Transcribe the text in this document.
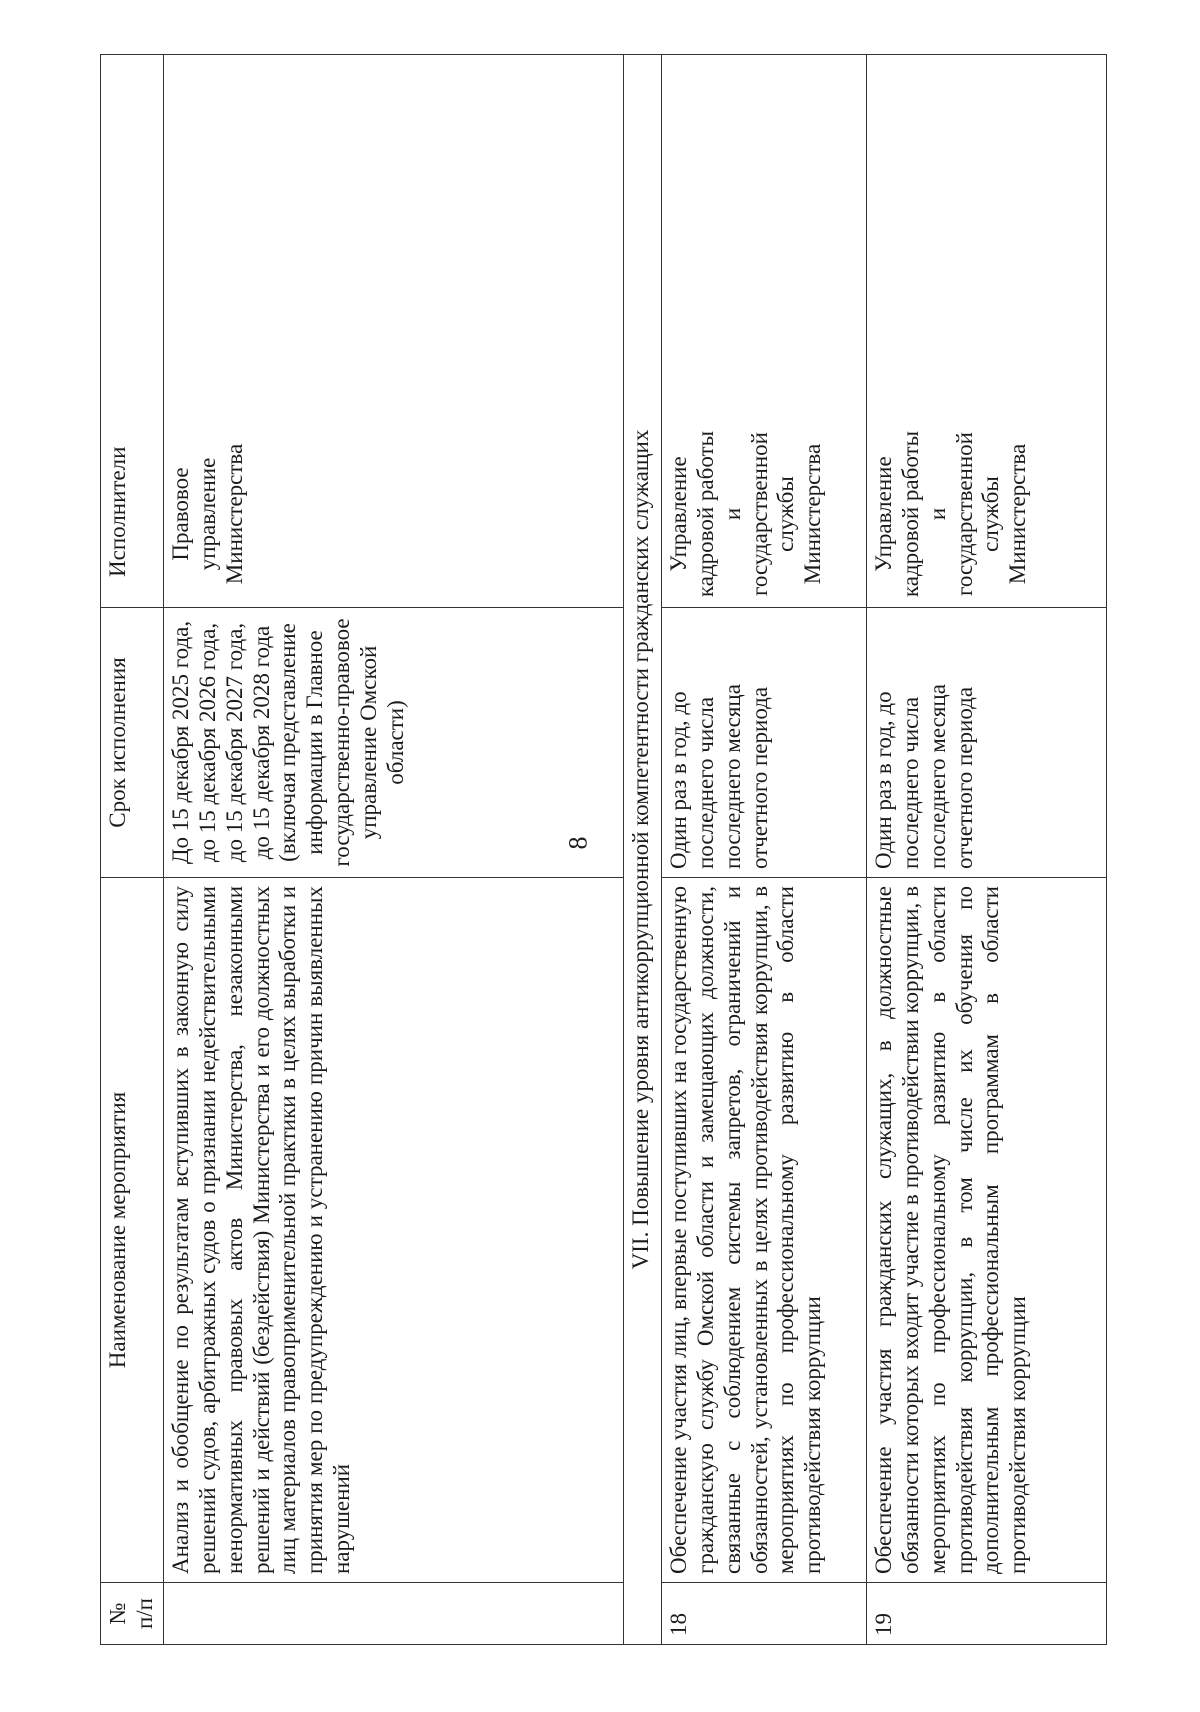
8
№ п/п	Наименование мероприятия	Срок исполнения	Исполнители
	Анализ и обобщение по результатам вступивших в законную силу решений судов, арбитражных судов о признании недействительными ненормативных правовых актов Министерства, незаконными решений и действий (бездействия) Министерства и его должностных лиц материалов правоприменительной практики в целях выработки и принятия мер по предупреждению и устранению причин выявленных нарушений	До 15 декабря 2025 года, до 15 декабря 2026 года, до 15 декабря 2027 года, до 15 декабря 2028 года (включая представление информации в Главное государственно-правовое управление Омской области)	Правовое управление Министерства

VII. Повышение уровня антикоррупционной компетентности гражданских служащих			
18	Обеспечение участия лиц, впервые поступивших на государственную гражданскую службу Омской области и замещающих должности, связанные с соблюдением системы запретов, ограничений и обязанностей, установленных в целях противодействия коррупции, в мероприятиях по профессиональному развитию в области противодействия коррупции	Один раз в год, до последнего числа последнего месяца отчетного периода	Управление кадровой работы и государственной службы Министерства

19	Обеспечение участия гражданских служащих, в должностные обязанности которых входит участие в противодействии коррупции, в мероприятиях по профессиональному развитию в области противодействия коррупции, в том числе их обучения по дополнительным профессиональным программам в области противодействия коррупции	Один раз в год, до последнего числа последнего месяца отчетного периода	Управление кадровой работы и государственной службы Министерства
